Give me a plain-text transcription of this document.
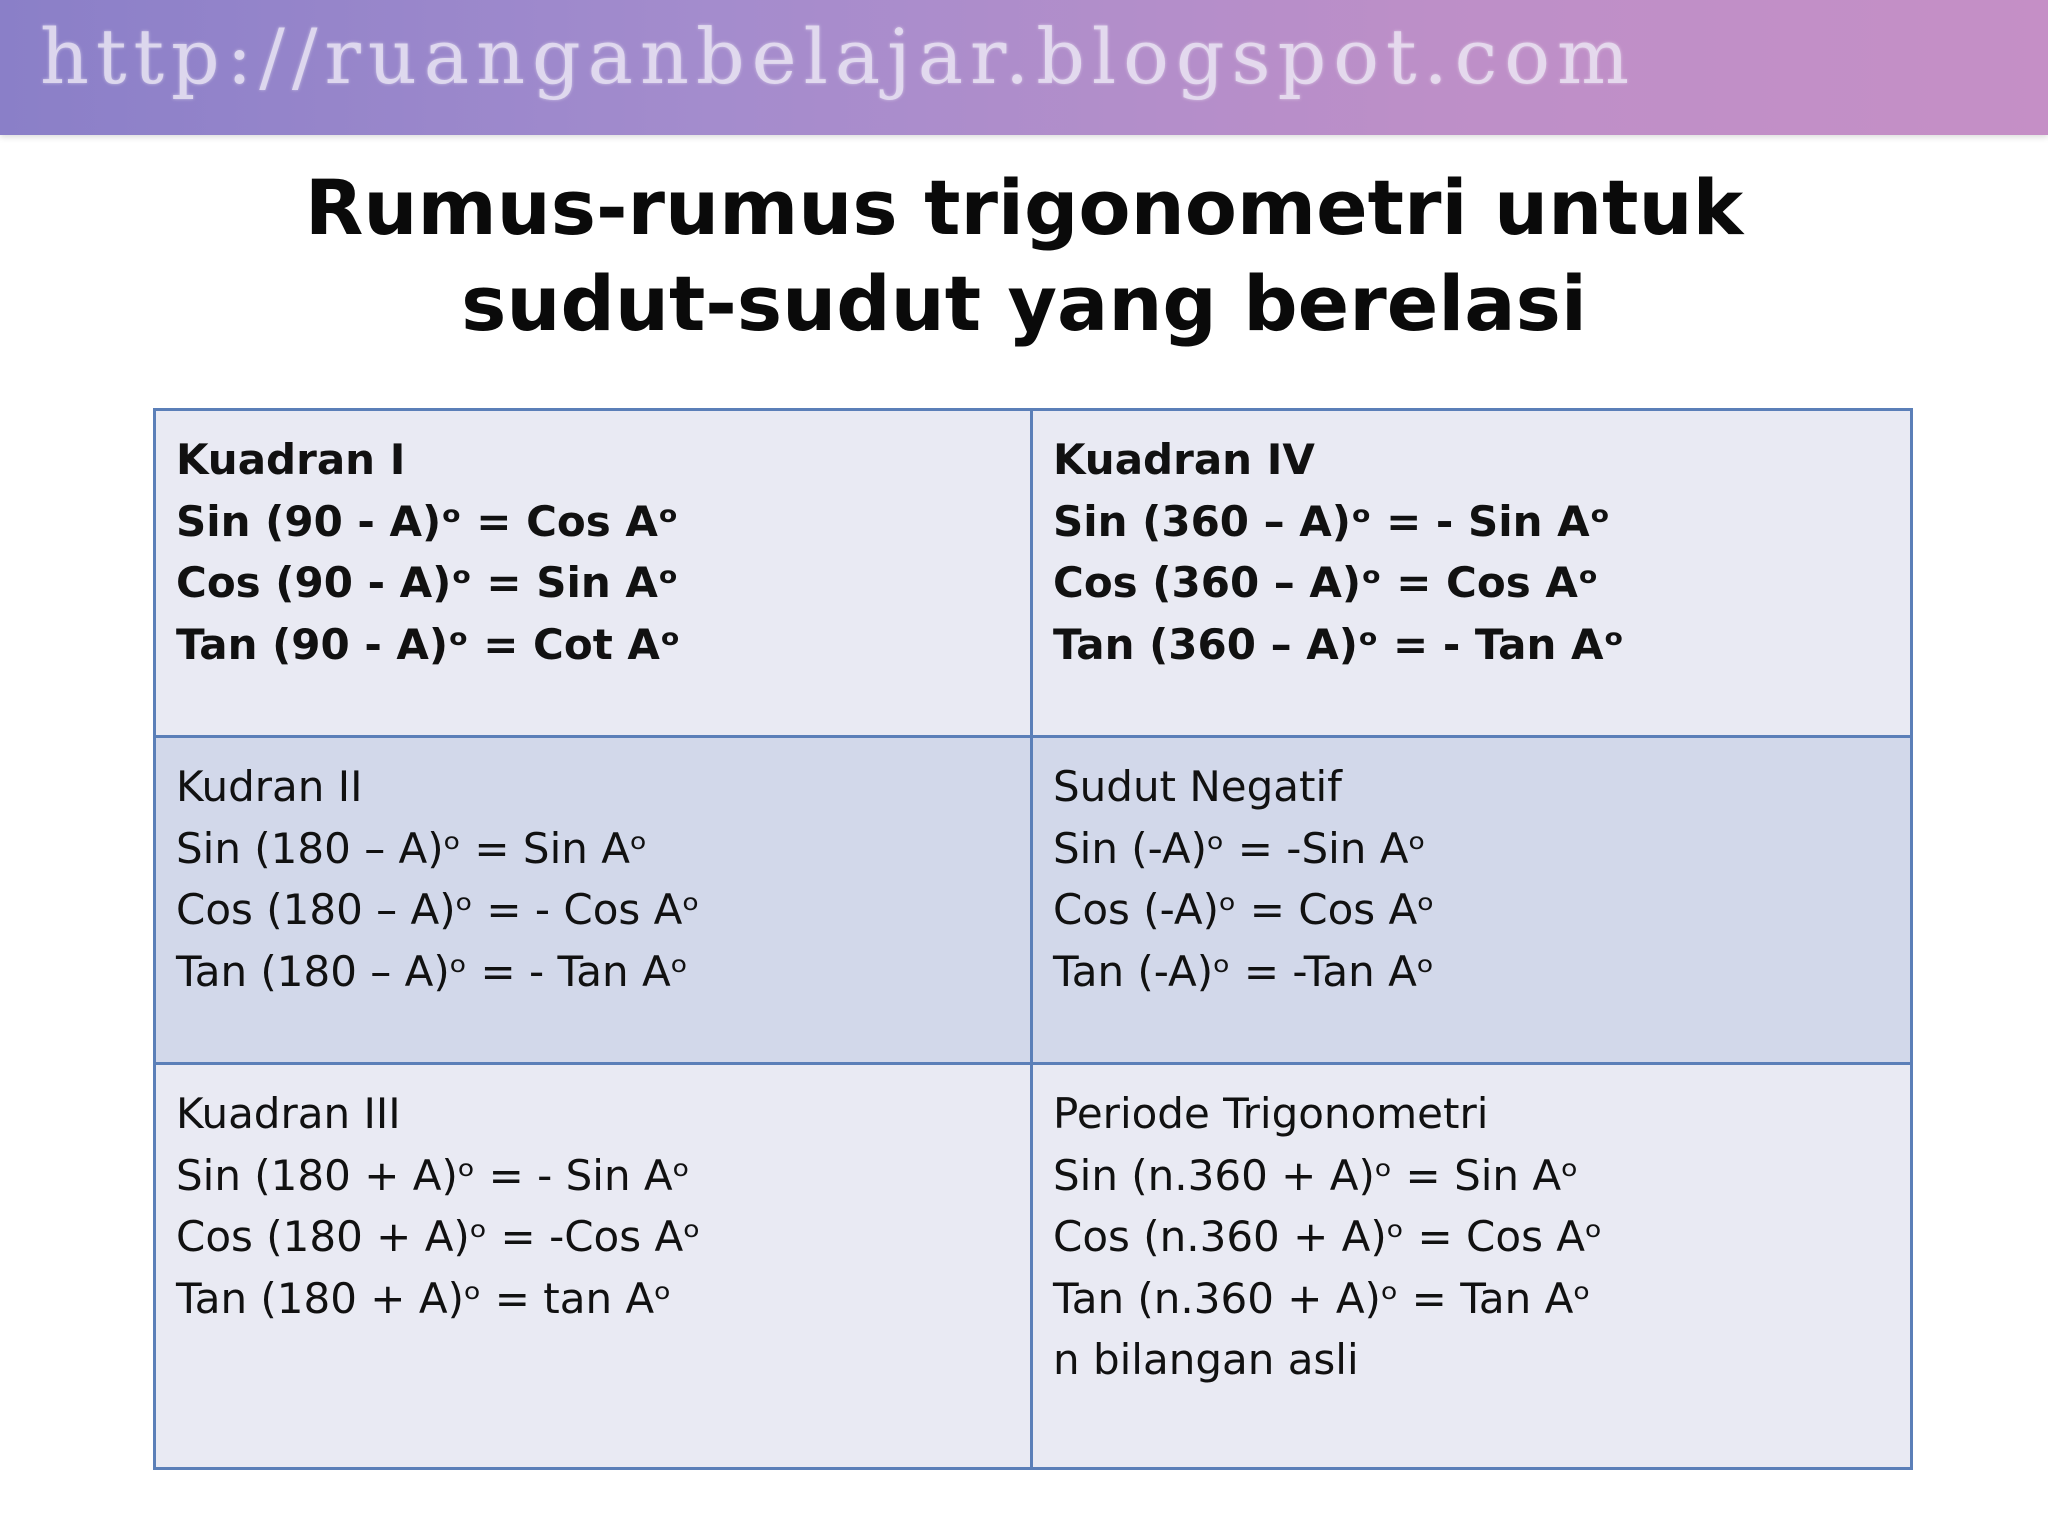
http://ruanganbelajar.blogspot.com
Rumus-rumus trigonometri untuk
sudut-sudut yang berelasi
Kuadran I
Sin (90 - A)ᵒ = Cos Aᵒ
Cos (90 - A)ᵒ = Sin Aᵒ
Tan (90 - A)ᵒ = Cot Aᵒ
Kuadran IV
Sin (360 – A)ᵒ = - Sin Aᵒ
Cos (360 – A)ᵒ = Cos Aᵒ
Tan (360 – A)ᵒ = - Tan Aᵒ
Kudran II
Sin (180 – A)ᵒ = Sin Aᵒ
Cos (180 – A)ᵒ = - Cos Aᵒ
Tan (180 – A)ᵒ = - Tan Aᵒ
Sudut Negatif
Sin (-A)ᵒ = -Sin Aᵒ
Cos (-A)ᵒ = Cos Aᵒ
Tan (-A)ᵒ = -Tan Aᵒ
Kuadran III
Sin (180 + A)ᵒ = - Sin Aᵒ
Cos (180 + A)ᵒ = -Cos Aᵒ
Tan (180 + A)ᵒ = tan Aᵒ
Periode Trigonometri
Sin (n.360 + A)ᵒ = Sin Aᵒ
Cos (n.360 + A)ᵒ = Cos Aᵒ
Tan (n.360 + A)ᵒ = Tan Aᵒ
n bilangan asli
